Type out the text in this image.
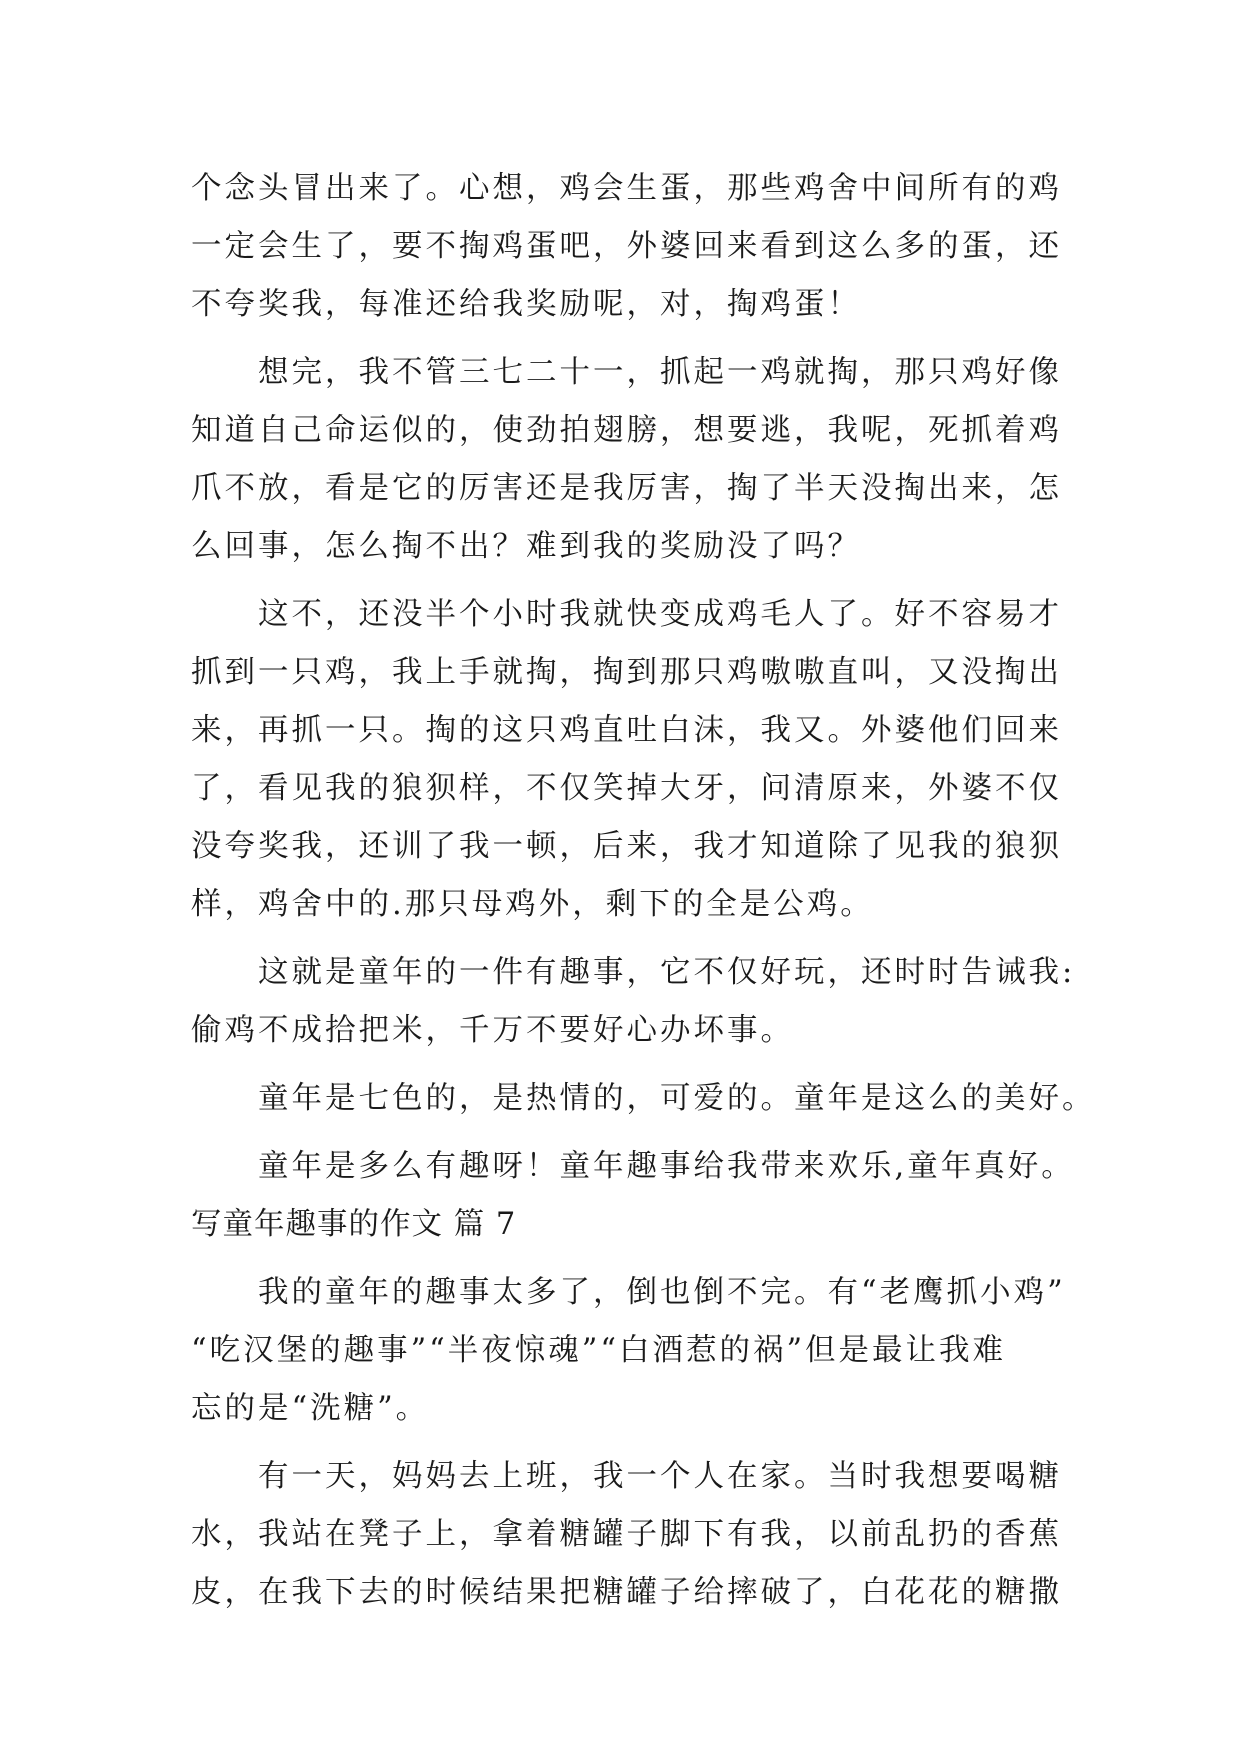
个念头冒出来了。心想，鸡会生蛋，那些鸡舍中间所有的鸡
一定会生了，要不掏鸡蛋吧，外婆回来看到这么多的蛋，还
不夸奖我，每准还给我奖励呢，对，掏鸡蛋！
　　想完，我不管三七二十一，抓起一鸡就掏，那只鸡好像
知道自己命运似的，使劲拍翅膀，想要逃，我呢，死抓着鸡
爪不放，看是它的厉害还是我厉害，掏了半天没掏出来，怎
么回事，怎么掏不出？难到我的奖励没了吗？
　　这不，还没半个小时我就快变成鸡毛人了。好不容易才
抓到一只鸡，我上手就掏，掏到那只鸡嗷嗷直叫，又没掏出
来，再抓一只。掏的这只鸡直吐白沫，我又。外婆他们回来
了，看见我的狼狈样，不仅笑掉大牙，问清原来，外婆不仅
没夸奖我，还训了我一顿，后来，我才知道除了见我的狼狈
样，鸡舍中的.那只母鸡外，剩下的全是公鸡。
　　这就是童年的一件有趣事，它不仅好玩，还时时告诫我:
偷鸡不成拾把米，千万不要好心办坏事。
　　童年是七色的，是热情的，可爱的。童年是这么的美好。
　　童年是多么有趣呀！童年趣事给我带来欢乐,童年真好。
写童年趣事的作文 篇 7
　　我的童年的趣事太多了，倒也倒不完。有“老鹰抓小鸡”
“吃汉堡的趣事”“半夜惊魂”“白酒惹的祸”但是最让我难
忘的是“洗糖”。
　　有一天，妈妈去上班，我一个人在家。当时我想要喝糖
水，我站在凳子上，拿着糖罐子脚下有我，以前乱扔的香蕉
皮，在我下去的时候结果把糖罐子给摔破了，白花花的糖撒
